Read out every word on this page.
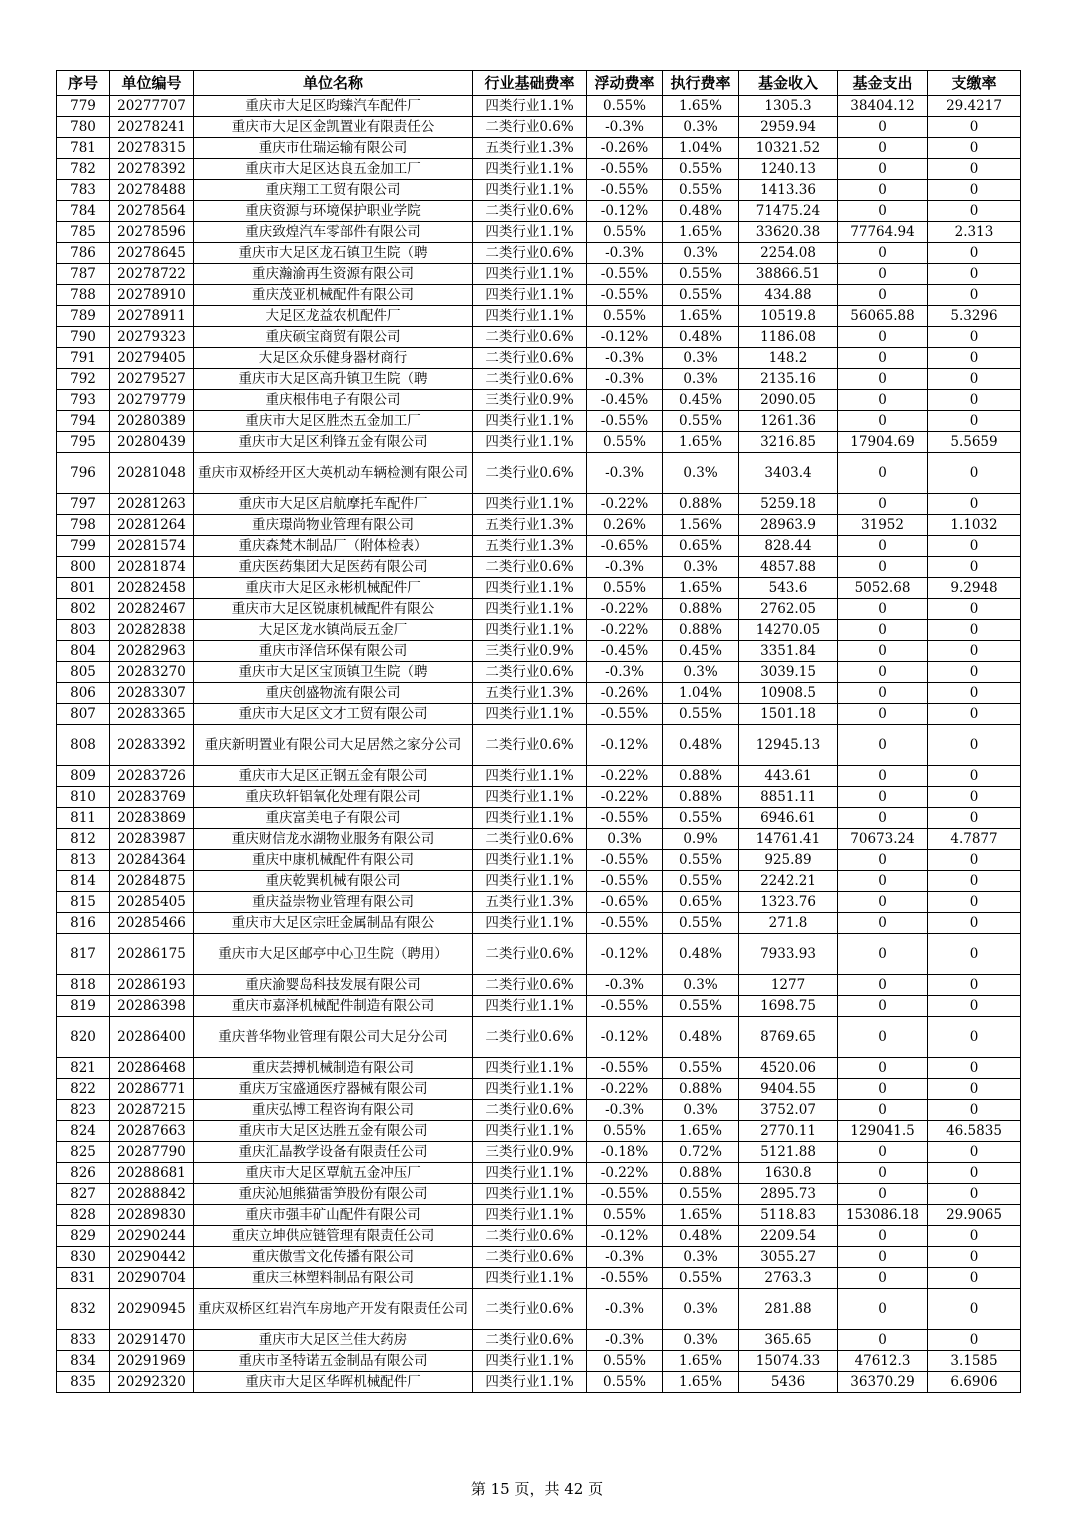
序号	单位编号	单位名称	行业基础费率	浮动费率	执行费率	基金收入	基金支出	支缴率
779	20277707	重庆市大足区昀臻汽车配件厂	四类行业1.1%	0.55%	1.65%	1305.3	38404.12	29.4217
780	20278241	重庆市大足区金凯置业有限责任公	二类行业0.6%	-0.3%	0.3%	2959.94	0	0
781	20278315	重庆市仕瑞运输有限公司	五类行业1.3%	-0.26%	1.04%	10321.52	0	0
782	20278392	重庆市大足区达良五金加工厂	四类行业1.1%	-0.55%	0.55%	1240.13	0	0
783	20278488	重庆翔工工贸有限公司	四类行业1.1%	-0.55%	0.55%	1413.36	0	0
784	20278564	重庆资源与环境保护职业学院	二类行业0.6%	-0.12%	0.48%	71475.24	0	0
785	20278596	重庆致煌汽车零部件有限公司	四类行业1.1%	0.55%	1.65%	33620.38	77764.94	2.313
786	20278645	重庆市大足区龙石镇卫生院（聘	二类行业0.6%	-0.3%	0.3%	2254.08	0	0
787	20278722	重庆瀚渝再生资源有限公司	四类行业1.1%	-0.55%	0.55%	38866.51	0	0
788	20278910	重庆茂亚机械配件有限公司	四类行业1.1%	-0.55%	0.55%	434.88	0	0
789	20278911	大足区龙益农机配件厂	四类行业1.1%	0.55%	1.65%	10519.8	56065.88	5.3296
790	20279323	重庆硕宝商贸有限公司	二类行业0.6%	-0.12%	0.48%	1186.08	0	0
791	20279405	大足区众乐健身器材商行	二类行业0.6%	-0.3%	0.3%	148.2	0	0
792	20279527	重庆市大足区高升镇卫生院（聘	二类行业0.6%	-0.3%	0.3%	2135.16	0	0
793	20279779	重庆根伟电子有限公司	三类行业0.9%	-0.45%	0.45%	2090.05	0	0
794	20280389	重庆市大足区胜杰五金加工厂	四类行业1.1%	-0.55%	0.55%	1261.36	0	0
795	20280439	重庆市大足区利锋五金有限公司	四类行业1.1%	0.55%	1.65%	3216.85	17904.69	5.5659
796	20281048	重庆市双桥经开区大英机动车辆检测有限公司	二类行业0.6%	-0.3%	0.3%	3403.4	0	0
797	20281263	重庆市大足区启航摩托车配件厂	四类行业1.1%	-0.22%	0.88%	5259.18	0	0
798	20281264	重庆璟尚物业管理有限公司	五类行业1.3%	0.26%	1.56%	28963.9	31952	1.1032
799	20281574	重庆森梵木制品厂（附体检表）	五类行业1.3%	-0.65%	0.65%	828.44	0	0
800	20281874	重庆医药集团大足医药有限公司	二类行业0.6%	-0.3%	0.3%	4857.88	0	0
801	20282458	重庆市大足区永彬机械配件厂	四类行业1.1%	0.55%	1.65%	543.6	5052.68	9.2948
802	20282467	重庆市大足区锐康机械配件有限公	四类行业1.1%	-0.22%	0.88%	2762.05	0	0
803	20282838	大足区龙水镇尚辰五金厂	四类行业1.1%	-0.22%	0.88%	14270.05	0	0
804	20282963	重庆市泽信环保有限公司	三类行业0.9%	-0.45%	0.45%	3351.84	0	0
805	20283270	重庆市大足区宝顶镇卫生院（聘	二类行业0.6%	-0.3%	0.3%	3039.15	0	0
806	20283307	重庆创盛物流有限公司	五类行业1.3%	-0.26%	1.04%	10908.5	0	0
807	20283365	重庆市大足区文才工贸有限公司	四类行业1.1%	-0.55%	0.55%	1501.18	0	0
808	20283392	重庆新明置业有限公司大足居然之家分公司	二类行业0.6%	-0.12%	0.48%	12945.13	0	0
809	20283726	重庆市大足区正钢五金有限公司	四类行业1.1%	-0.22%	0.88%	443.61	0	0
810	20283769	重庆玖轩铝氧化处理有限公司	四类行业1.1%	-0.22%	0.88%	8851.11	0	0
811	20283869	重庆富美电子有限公司	四类行业1.1%	-0.55%	0.55%	6946.61	0	0
812	20283987	重庆财信龙水湖物业服务有限公司	二类行业0.6%	0.3%	0.9%	14761.41	70673.24	4.7877
813	20284364	重庆中康机械配件有限公司	四类行业1.1%	-0.55%	0.55%	925.89	0	0
814	20284875	重庆乾巽机械有限公司	四类行业1.1%	-0.55%	0.55%	2242.21	0	0
815	20285405	重庆益崇物业管理有限公司	五类行业1.3%	-0.65%	0.65%	1323.76	0	0
816	20285466	重庆市大足区宗旺金属制品有限公	四类行业1.1%	-0.55%	0.55%	271.8	0	0
817	20286175	重庆市大足区邮亭中心卫生院（聘用）	二类行业0.6%	-0.12%	0.48%	7933.93	0	0
818	20286193	重庆渝婴岛科技发展有限公司	二类行业0.6%	-0.3%	0.3%	1277	0	0
819	20286398	重庆市嘉泽机械配件制造有限公司	四类行业1.1%	-0.55%	0.55%	1698.75	0	0
820	20286400	重庆普华物业管理有限公司大足分公司	二类行业0.6%	-0.12%	0.48%	8769.65	0	0
821	20286468	重庆芸搏机械制造有限公司	四类行业1.1%	-0.55%	0.55%	4520.06	0	0
822	20286771	重庆万宝盛通医疗器械有限公司	四类行业1.1%	-0.22%	0.88%	9404.55	0	0
823	20287215	重庆弘博工程咨询有限公司	二类行业0.6%	-0.3%	0.3%	3752.07	0	0
824	20287663	重庆市大足区达胜五金有限公司	四类行业1.1%	0.55%	1.65%	2770.11	129041.5	46.5835
825	20287790	重庆汇晶教学设备有限责任公司	三类行业0.9%	-0.18%	0.72%	5121.88	0	0
826	20288681	重庆市大足区覃航五金冲压厂	四类行业1.1%	-0.22%	0.88%	1630.8	0	0
827	20288842	重庆沁旭熊猫雷笋股份有限公司	四类行业1.1%	-0.55%	0.55%	2895.73	0	0
828	20289830	重庆市强丰矿山配件有限公司	四类行业1.1%	0.55%	1.65%	5118.83	153086.18	29.9065
829	20290244	重庆立坤供应链管理有限责任公司	二类行业0.6%	-0.12%	0.48%	2209.54	0	0
830	20290442	重庆傲雪文化传播有限公司	二类行业0.6%	-0.3%	0.3%	3055.27	0	0
831	20290704	重庆三林塑料制品有限公司	四类行业1.1%	-0.55%	0.55%	2763.3	0	0
832	20290945	重庆双桥区红岩汽车房地产开发有限责任公司	二类行业0.6%	-0.3%	0.3%	281.88	0	0
833	20291470	重庆市大足区兰佳大药房	二类行业0.6%	-0.3%	0.3%	365.65	0	0
834	20291969	重庆市圣特诺五金制品有限公司	四类行业1.1%	0.55%	1.65%	15074.33	47612.3	3.1585
835	20292320	重庆市大足区华晖机械配件厂	四类行业1.1%	0.55%	1.65%	5436	36370.29	6.6906
第 15 页，共 42 页
